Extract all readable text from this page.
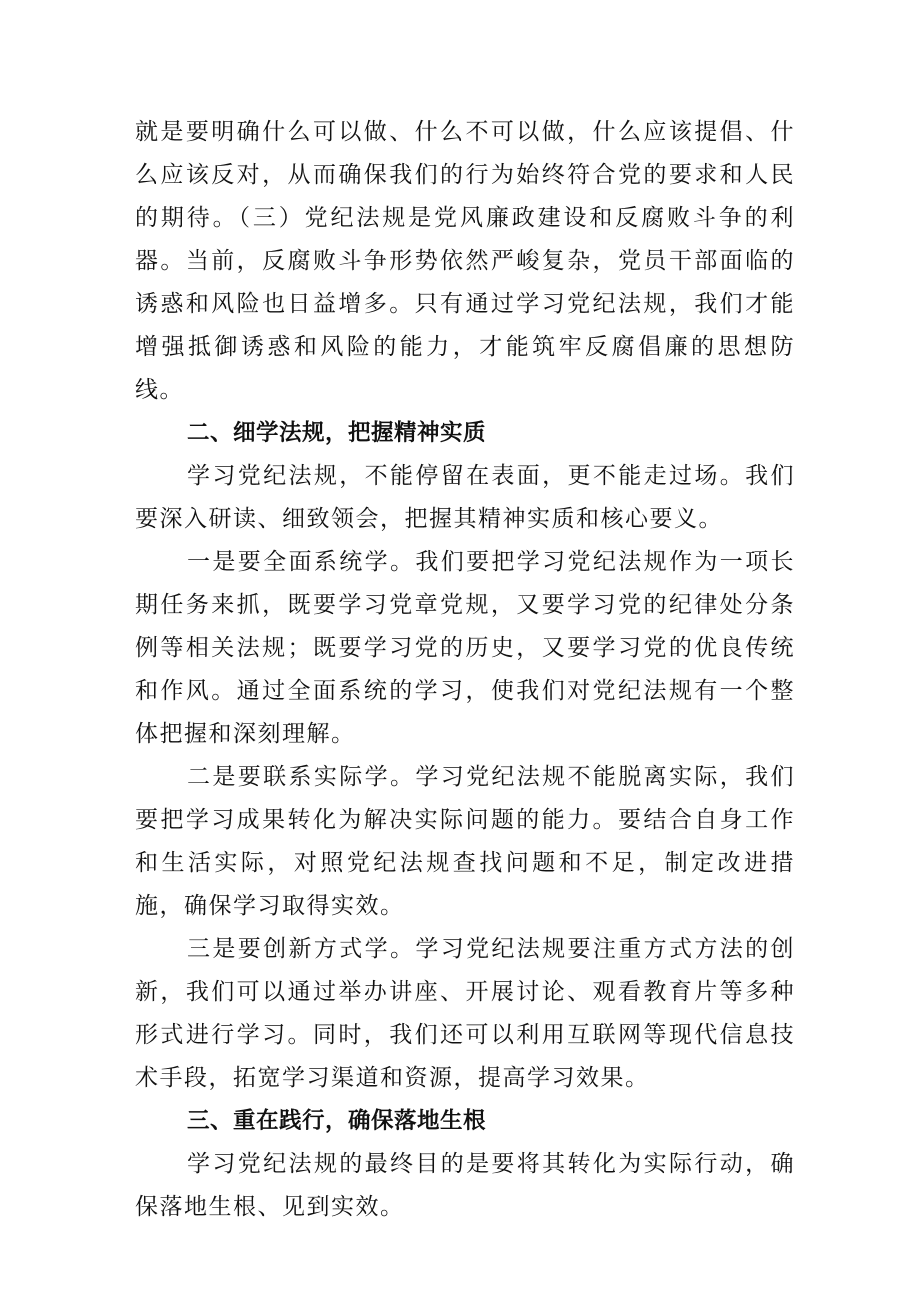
就是要明确什么可以做、什么不可以做，什么应该提倡、什么应该反对，从而确保我们的行为始终符合党的要求和人民的期待。（三）党纪法规是党风廉政建设和反腐败斗争的利器。当前，反腐败斗争形势依然严峻复杂，党员干部面临的诱惑和风险也日益增多。只有通过学习党纪法规，我们才能增强抵御诱惑和风险的能力，才能筑牢反腐倡廉的思想防线。

二、细学法规，把握精神实质

学习党纪法规，不能停留在表面，更不能走过场。我们要深入研读、细致领会，把握其精神实质和核心要义。

一是要全面系统学。我们要把学习党纪法规作为一项长期任务来抓，既要学习党章党规，又要学习党的纪律处分条例等相关法规；既要学习党的历史，又要学习党的优良传统和作风。通过全面系统的学习，使我们对党纪法规有一个整体把握和深刻理解。

二是要联系实际学。学习党纪法规不能脱离实际，我们要把学习成果转化为解决实际问题的能力。要结合自身工作和生活实际，对照党纪法规查找问题和不足，制定改进措施，确保学习取得实效。

三是要创新方式学。学习党纪法规要注重方式方法的创新，我们可以通过举办讲座、开展讨论、观看教育片等多种形式进行学习。同时，我们还可以利用互联网等现代信息技术手段，拓宽学习渠道和资源，提高学习效果。

三、重在践行，确保落地生根

学习党纪法规的最终目的是要将其转化为实际行动，确保落地生根、见到实效。
